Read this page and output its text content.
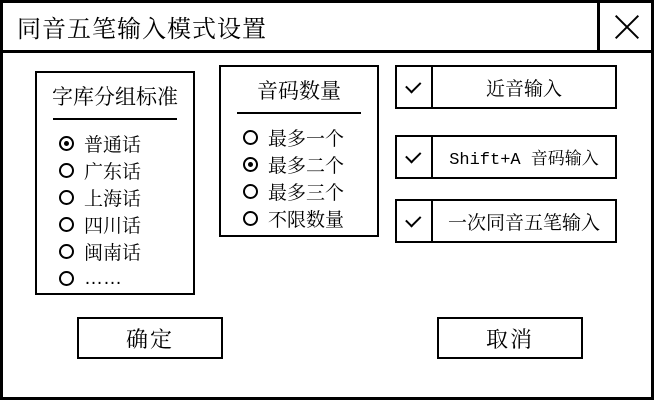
同音五笔输入模式设置
字库分组标准
普通话
广东话
上海话
四川话
闽南话
……
音码数量
最多一个
最多二个
最多三个
不限数量
近音输入
Shift+A 音码输入
一次同音五笔输入
确定	取消
